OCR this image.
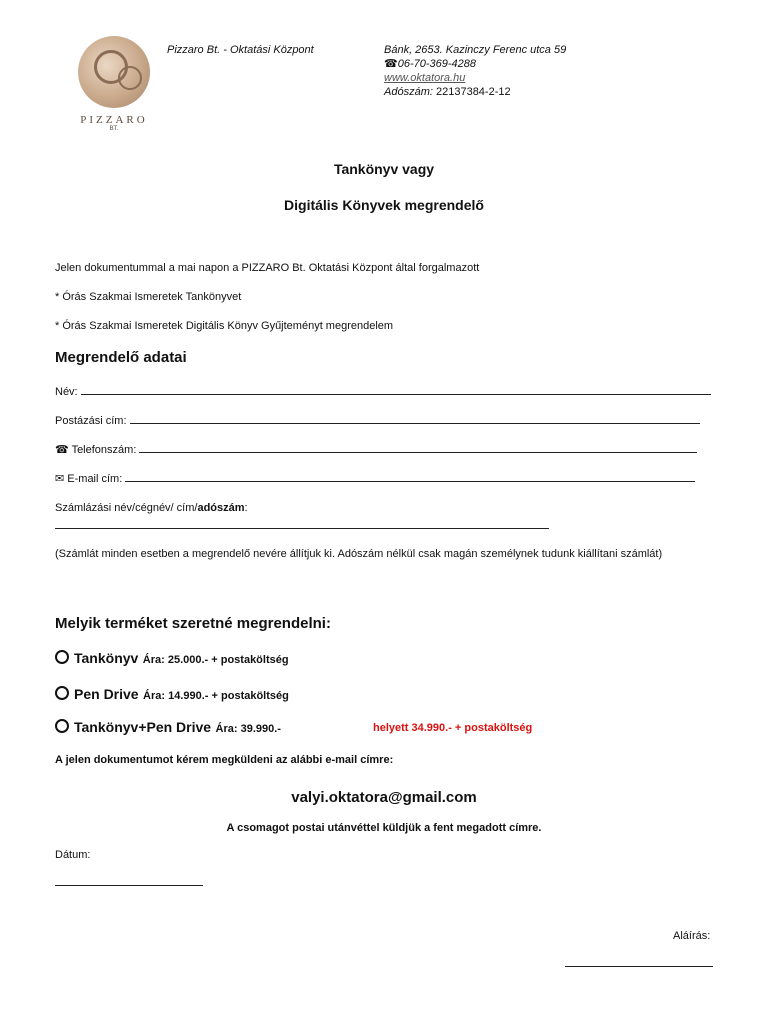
PIZZARO
BT.
Pizzaro Bt. - Oktatási Központ	Bánk, 2653. Kazinczy Ferenc utca 59
☎06-70-369-4288
www.oktatora.hu
Adószám: 22137384-2-12
Tankönyv vagy
Digitális Könyvek megrendelő
Jelen dokumentummal a mai napon a PIZZARO Bt. Oktatási Központ által forgalmazott
* Órás Szakmai Ismeretek Tankönyvet
* Órás Szakmai Ismeretek Digitális Könyv Gyűjteményt megrendelem
Megrendelő adatai
Név:
Postázási cím:
☎ Telefonszám:
✉ E-mail cím:
Számlázási név/cégnév/ cím/adószám:
(Számlát minden esetben a megrendelő nevére állítjuk ki. Adószám nélkül csak magán személynek tudunk kiállítani számlát)
Melyik terméket szeretné megrendelni:
Tankönyv Ára: 25.000.- + postaköltség
Pen Drive Ára: 14.990.- + postaköltség
Tankönyv+Pen Drive Ára: 39.990.-	helyett 34.990.- + postaköltség
A jelen dokumentumot kérem megküldeni az alábbi e-mail címre:
valyi.oktatora@gmail.com
A csomagot postai utánvéttel küldjük a fent megadott címre.
Dátum:
Aláírás:
